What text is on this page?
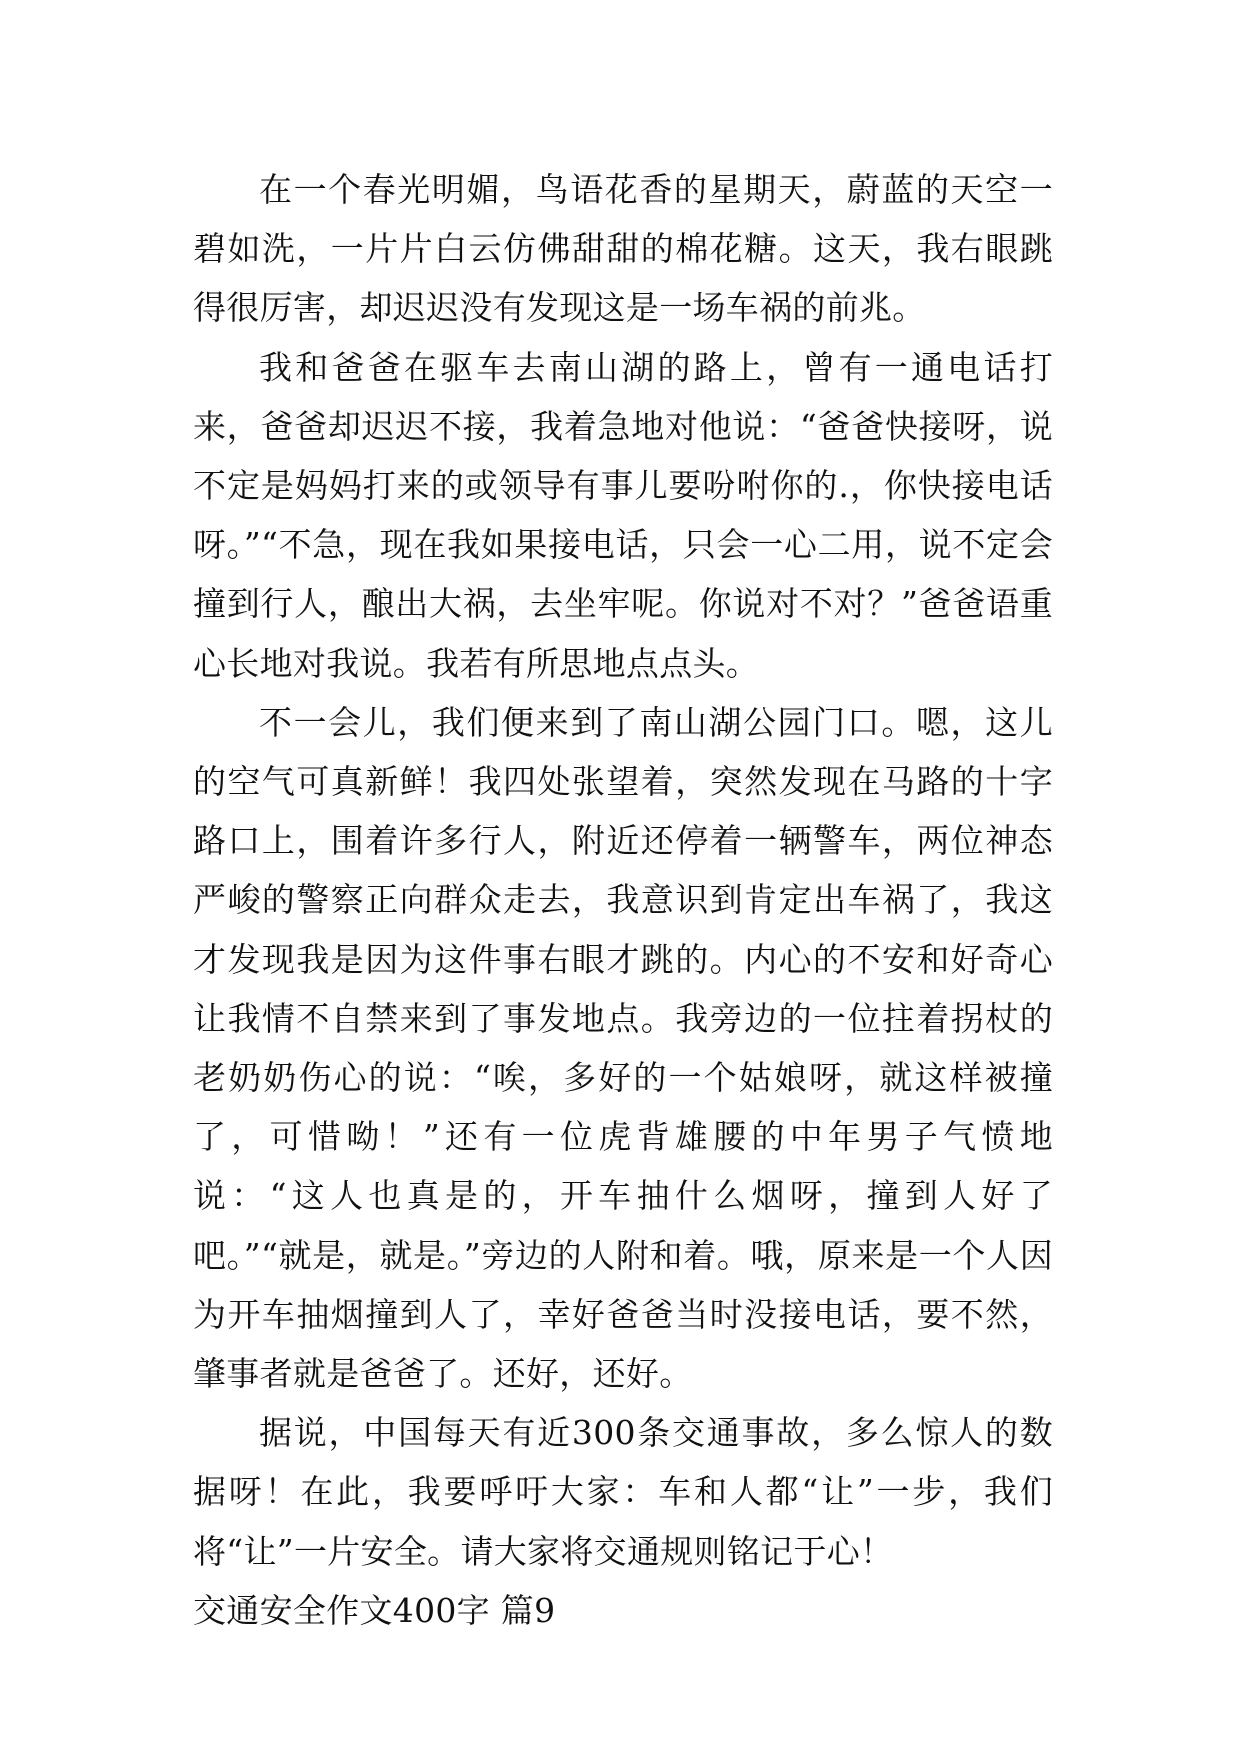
在一个春光明媚，鸟语花香的星期天，蔚蓝的天空一碧如洗，一片片白云仿佛甜甜的棉花糖。这天，我右眼跳得很厉害，却迟迟没有发现这是一场车祸的前兆。

我和爸爸在驱车去南山湖的路上，曾有一通电话打来，爸爸却迟迟不接，我着急地对他说：“爸爸快接呀，说不定是妈妈打来的或领导有事儿要吩咐你的.，你快接电话呀。”“不急，现在我如果接电话，只会一心二用，说不定会撞到行人，酿出大祸，去坐牢呢。你说对不对？”爸爸语重心长地对我说。我若有所思地点点头。

不一会儿，我们便来到了南山湖公园门口。嗯，这儿的空气可真新鲜！我四处张望着，突然发现在马路的十字路口上，围着许多行人，附近还停着一辆警车，两位神态严峻的警察正向群众走去，我意识到肯定出车祸了，我这才发现我是因为这件事右眼才跳的。内心的不安和好奇心让我情不自禁来到了事发地点。我旁边的一位拄着拐杖的老奶奶伤心的说：“唉，多好的一个姑娘呀，就这样被撞了，可惜呦！”还有一位虎背雄腰的中年男子气愤地说：“这人也真是的，开车抽什么烟呀，撞到人好了吧。”“就是，就是。”旁边的人附和着。哦，原来是一个人因为开车抽烟撞到人了，幸好爸爸当时没接电话，要不然，肇事者就是爸爸了。还好，还好。

据说，中国每天有近300条交通事故，多么惊人的数据呀！在此，我要呼吁大家：车和人都“让”一步，我们将“让”一片安全。请大家将交通规则铭记于心！

交通安全作文400字 篇9
